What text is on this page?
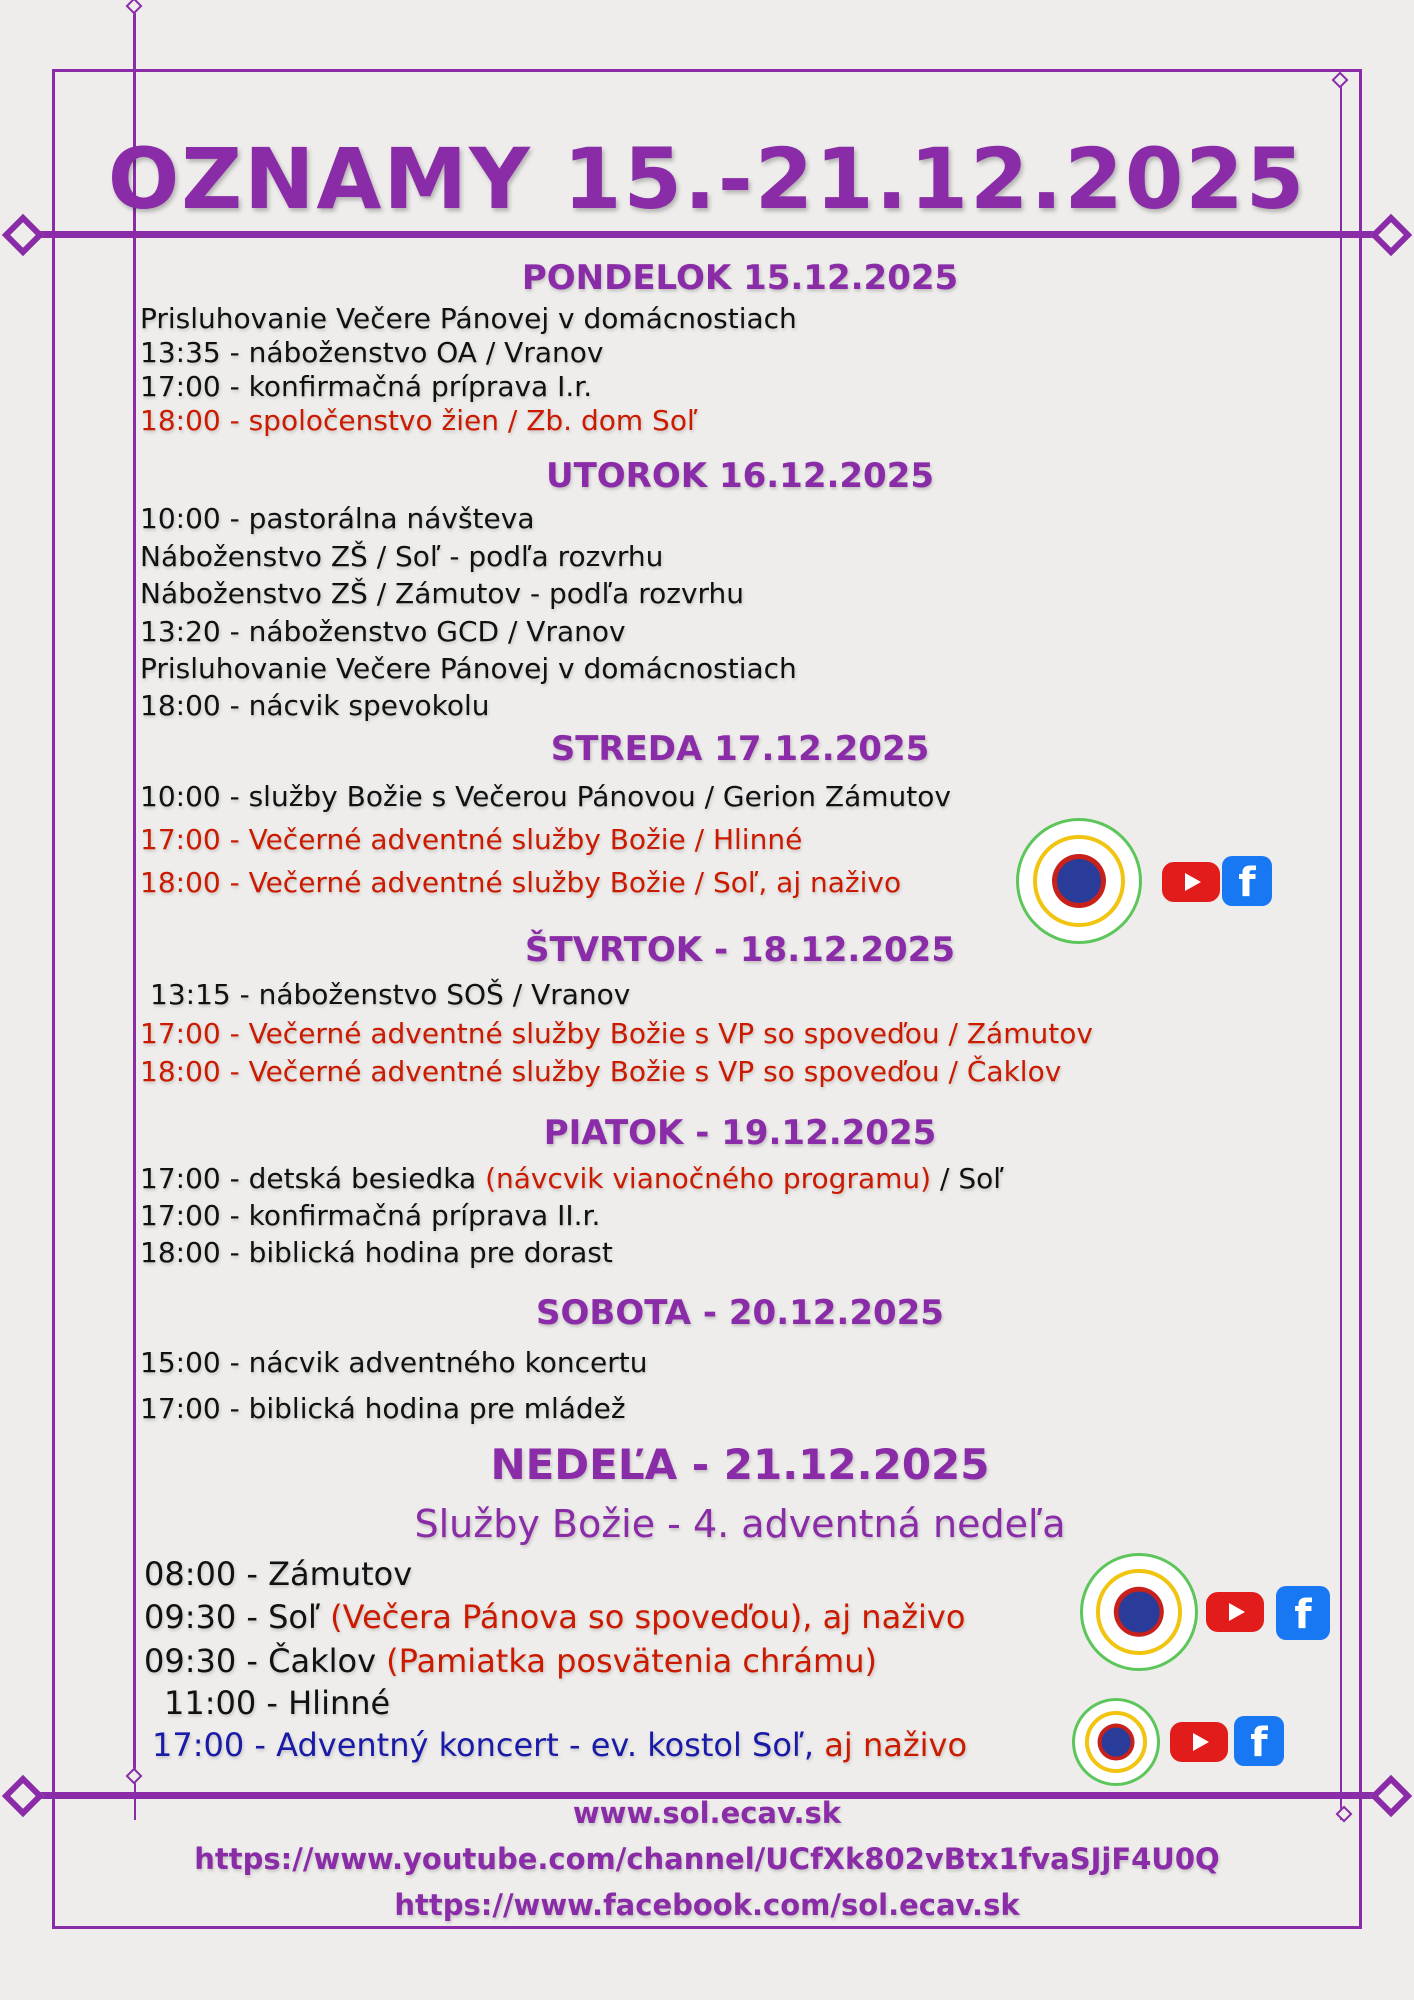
OZNAMY 15.-21.12.2025
PONDELOK 15.12.2025
Prisluhovanie Večere Pánovej v domácnostiach
13:35 - náboženstvo OA / Vranov
17:00 - konfirmačná príprava I.r.
18:00 - spoločenstvo žien / Zb. dom Soľ
UTOROK 16.12.2025
10:00 - pastorálna návšteva
Náboženstvo ZŠ / Soľ - podľa rozvrhu
Náboženstvo ZŠ / Zámutov - podľa rozvrhu
13:20 - náboženstvo GCD / Vranov
Prisluhovanie Večere Pánovej v domácnostiach
18:00 - nácvik spevokolu
STREDA 17.12.2025
10:00 - služby Božie s Večerou Pánovou / Gerion Zámutov
17:00 - Večerné adventné služby Božie / Hlinné
18:00 - Večerné adventné služby Božie / Soľ, aj naživo	f
ŠTVRTOK - 18.12.2025
13:15 - náboženstvo SOŠ / Vranov
17:00 - Večerné adventné služby Božie s VP so spoveďou / Zámutov
18:00 - Večerné adventné služby Božie s VP so spoveďou / Čaklov
PIATOK - 19.12.2025
17:00 - detská besiedka (návcvik vianočného programu) / Soľ
17:00 - konfirmačná príprava II.r.
18:00 - biblická hodina pre dorast
SOBOTA - 20.12.2025
15:00 - nácvik adventného koncertu
17:00 - biblická hodina pre mládež
NEDEĽA - 21.12.2025
Služby Božie - 4. adventná nedeľa
08:00 - Zámutov
09:30 - Soľ (Večera Pánova so spoveďou), aj naživo
09:30 - Čaklov (Pamiatka posvätenia chrámu)
11:00 - Hlinné
17:00 - Adventný koncert - ev. kostol Soľ, aj naživo
f
f
www.sol.ecav.sk
https://www.youtube.com/channel/UCfXk802vBtx1fvaSJjF4U0Q
https://www.facebook.com/sol.ecav.sk
